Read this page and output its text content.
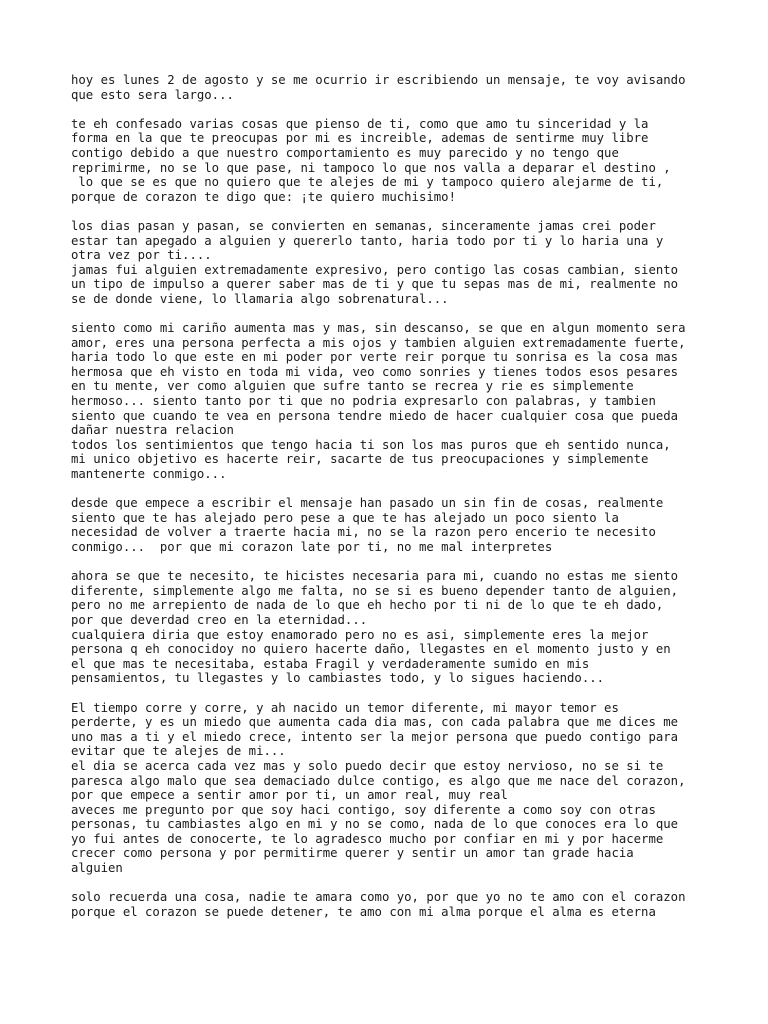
hoy es lunes 2 de agosto y se me ocurrio ir escribiendo un mensaje, te voy avisando
que esto sera largo...
te eh confesado varias cosas que pienso de ti, como que amo tu sinceridad y la
forma en la que te preocupas por mi es increible, ademas de sentirme muy libre
contigo debido a que nuestro comportamiento es muy parecido y no tengo que
reprimirme, no se lo que pase, ni tampoco lo que nos valla a deparar el destino ,
lo que se es que no quiero que te alejes de mi y tampoco quiero alejarme de ti,
porque de corazon te digo que: ¡te quiero muchisimo!
los dias pasan y pasan, se convierten en semanas, sinceramente jamas crei poder
estar tan apegado a alguien y quererlo tanto, haria todo por ti y lo haria una y
otra vez por ti....
jamas fui alguien extremadamente expresivo, pero contigo las cosas cambian, siento
un tipo de impulso a querer saber mas de ti y que tu sepas mas de mi, realmente no
se de donde viene, lo llamaria algo sobrenatural...
siento como mi cariño aumenta mas y mas, sin descanso, se que en algun momento sera
amor, eres una persona perfecta a mis ojos y tambien alguien extremadamente fuerte,
haria todo lo que este en mi poder por verte reir porque tu sonrisa es la cosa mas
hermosa que eh visto en toda mi vida, veo como sonries y tienes todos esos pesares
en tu mente, ver como alguien que sufre tanto se recrea y rie es simplemente
hermoso... siento tanto por ti que no podria expresarlo con palabras, y tambien
siento que cuando te vea en persona tendre miedo de hacer cualquier cosa que pueda
dañar nuestra relacion
todos los sentimientos que tengo hacia ti son los mas puros que eh sentido nunca,
mi unico objetivo es hacerte reir, sacarte de tus preocupaciones y simplemente
mantenerte conmigo...
desde que empece a escribir el mensaje han pasado un sin fin de cosas, realmente
siento que te has alejado pero pese a que te has alejado un poco siento la
necesidad de volver a traerte hacia mi, no se la razon pero encerio te necesito
conmigo...  por que mi corazon late por ti, no me mal interpretes
ahora se que te necesito, te hicistes necesaria para mi, cuando no estas me siento
diferente, simplemente algo me falta, no se si es bueno depender tanto de alguien,
pero no me arrepiento de nada de lo que eh hecho por ti ni de lo que te eh dado,
por que deverdad creo en la eternidad...
cualquiera diria que estoy enamorado pero no es asi, simplemente eres la mejor
persona q eh conocidoy no quiero hacerte daño, llegastes en el momento justo y en
el que mas te necesitaba, estaba Fragil y verdaderamente sumido en mis
pensamientos, tu llegastes y lo cambiastes todo, y lo sigues haciendo...
El tiempo corre y corre, y ah nacido un temor diferente, mi mayor temor es
perderte, y es un miedo que aumenta cada dia mas, con cada palabra que me dices me
uno mas a ti y el miedo crece, intento ser la mejor persona que puedo contigo para
evitar que te alejes de mi...
el dia se acerca cada vez mas y solo puedo decir que estoy nervioso, no se si te
paresca algo malo que sea demaciado dulce contigo, es algo que me nace del corazon,
por que empece a sentir amor por ti, un amor real, muy real
aveces me pregunto por que soy haci contigo, soy diferente a como soy con otras
personas, tu cambiastes algo en mi y no se como, nada de lo que conoces era lo que
yo fui antes de conocerte, te lo agradesco mucho por confiar en mi y por hacerme
crecer como persona y por permitirme querer y sentir un amor tan grade hacia
alguien
solo recuerda una cosa, nadie te amara como yo, por que yo no te amo con el corazon
porque el corazon se puede detener, te amo con mi alma porque el alma es eterna
